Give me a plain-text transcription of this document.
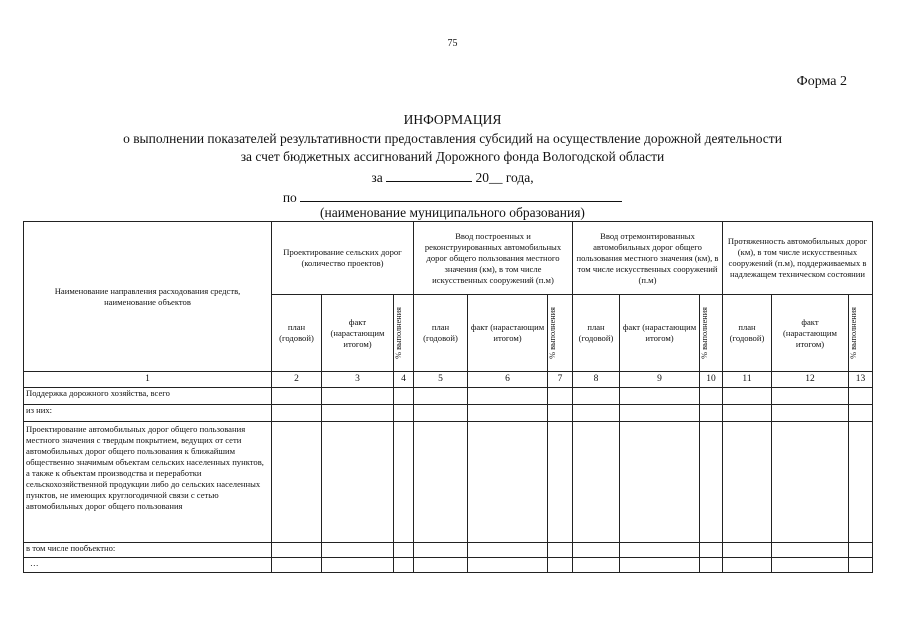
75
Форма 2
ИНФОРМАЦИЯ
о выполнении показателей результативности предоставления субсидий на осуществление дорожной деятельности
за счет бюджетных ассигнований Дорожного фонда Вологодской области
за	20__ года,
по
(наименование муниципального образования)
Наименование направления расходования средств, наименование объектов	Проектирование сельских дорог (количество проектов)			Ввод построенных и реконструированных автомобильных дорог общего пользования местного значения (км), в том числе искусственных сооружений (п.м)			Ввод отремонтированных автомобильных дорог общего пользования местного значения (км), в том числе искусственных сооружений (п.м)			Протяженность автомобильных дорог (км), в том числе искусственных сооружений (п.м), поддерживаемых в надлежащем техническом состоянии		
	план (годовой)	факт (нарастающим итогом)	% выполнения	план (годовой)	факт (нарастающим итогом)	% выполнения	план (годовой)	факт (нарастающим итогом)	% выполнения	план (годовой)	факт (нарастающим итогом)	% выполнения

1	2	3	4	5	6	7	8	9	10	11	12	13
Поддержка дорожного хозяйства, всего												
из них:												
Проектирование автомобильных дорог общего пользования местного значения с твердым покрытием, ведущих от сети автомобильных дорог общего пользования к ближайшим общественно значимым объектам сельских населенных пунктов, а также к объектам производства и переработки сельскохозяйственной продукции либо до сельских населенных пунктов, не имеющих круглогодичной связи с сетью автомобильных дорог общего пользования												
в том числе пообъектно:												
…												
